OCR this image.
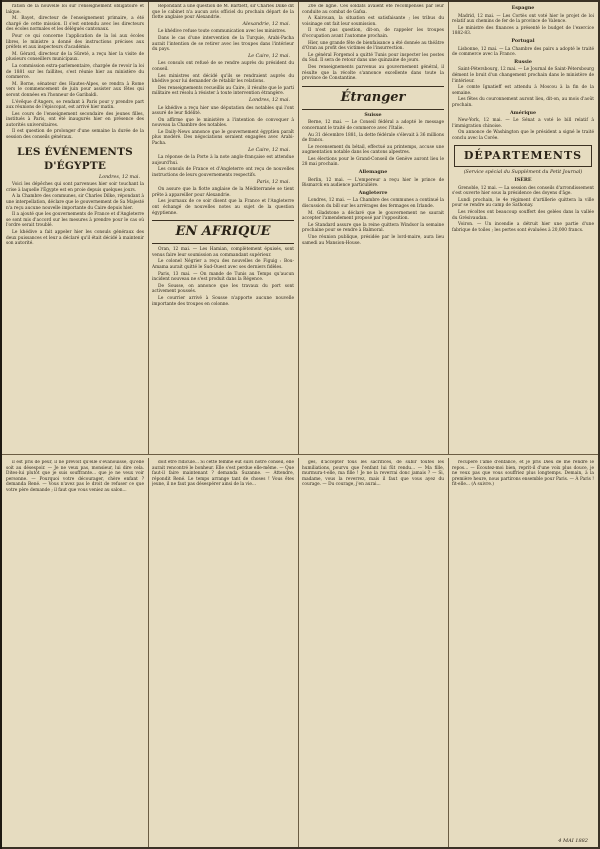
ration de la nouvelle loi sur l'enseignement obligatoire et laïque.

M. Bayet, directeur de l'enseignement primaire, a été chargé de cette mission. Il s'est entendu avec les directeurs des écoles normales et les délégués cantonaux.

Pour ce qui concerne l'application de la loi aux écoles libres, le ministre a donné des instructions précises aux préfets et aux inspecteurs d'académie.

M. Gérard, directeur de la Sûreté, a reçu hier la visite de plusieurs conseillers municipaux.

La commission extra-parlementaire, chargée de revoir la loi de 1881 sur les faillites, s'est réunie hier au ministère du commerce.

M. Borne, sénateur des Hautes-Alpes, se rendra à Rome vers le commencement de juin pour assister aux fêtes qui seront données en l'honneur de Garibaldi.

L'évêque d'Angers, se rendant à Paris pour y prendre part aux réunions de l'épiscopat, est arrivé hier matin.

Les cours de l'enseignement secondaire des jeunes filles, institués à Paris, ont été inaugurés hier en présence des autorités universitaires.

Il est question de prolonger d'une semaine la durée de la session des conseils généraux.

LES ÉVÉNEMENTS D'ÉGYPTE
Londres, 12 mai.

Voici les dépêches qui sont parvenues hier soir touchant la crise à laquelle l'Égypte est en proie depuis quelques jours.

A la Chambre des communes, sir Charles Dilke, répondant à une interpellation, déclare que le gouvernement de Sa Majesté n'a reçu aucune nouvelle importante du Caire depuis hier.

Il a ajouté que les gouvernements de France et d'Angleterre se sont mis d'accord sur les mesures à prendre pour le cas où l'ordre serait troublé.

Le khédive a fait appeler hier les consuls généraux des deux puissances et leur a déclaré qu'il était décidé à maintenir son autorité.

Répondant à une question de M. Bartlett, sir Charles Dilke dit que le cabinet n'a aucun avis officiel du prochain départ de la flotte anglaise pour Alexandrie.

Alexandrie, 12 mai.

Le khédive refuse toute communication avec les ministres.

Dans le cas d'une intervention de la Turquie, Arabi-Pacha aurait l'intention de se retirer avec les troupes dans l'intérieur du pays.

Le Caire, 12 mai.

Les consuls ont refusé de se rendre auprès du président du conseil.

Les ministres ont décidé qu'ils se rendraient auprès du khédive pour lui demander de rétablir les relations.

Des renseignements recueillis au Caire, il résulte que le parti militaire est résolu à résister à toute intervention étrangère.

Londres, 12 mai.

Le khédive a reçu hier une députation des notables qui l'ont assuré de leur fidélité.

On affirme que le ministère a l'intention de convoquer à nouveau la Chambre des notables.

Le Daily-News annonce que le gouvernement égyptien paraît plus modéré. Des négociations seraient engagées avec Arabi-Pacha.

Le Caire, 12 mai.

La réponse de la Porte à la note anglo-française est attendue aujourd'hui.

Les consuls de France et d'Angleterre ont reçu de nouvelles instructions de leurs gouvernements respectifs.

Paris, 12 mai.

On assure que la flotte anglaise de la Méditerranée se tient prête à appareiller pour Alexandrie.

Les journaux de ce soir disent que la France et l'Angleterre ont échangé de nouvelles notes au sujet de la question égyptienne.

EN AFRIQUE

Oran, 12 mai. — Les Hamian, complètement épuisés, sont venus faire leur soumission au commandant supérieur.

Le colonel Négrier a reçu des nouvelles de Figuig : Bou-Amama aurait quitté le Sud-Ouest avec ses derniers fidèles.

Paris, 13 mai. — On mande de Tunis au Temps qu'aucun incident nouveau ne s'est produit dans la Régence.

De Sousse, on annonce que les travaux du port sont activement poussés.

Le courrier arrivé à Sousse n'apporte aucune nouvelle importante des troupes en colonne.

20e de ligne. Ces soldats avaient été récompensés par leur conduite au combat de Gafsa.

A Kairouan, la situation est satisfaisante ; les tribus du voisinage ont fait leur soumission.

Il n'est pas question, dit-on, de rappeler les troupes d'occupation avant l'automne prochain.

Hier, une grande fête de bienfaisance a été donnée au théâtre d'Oran au profit des victimes de l'insurrection.

Le général Forgemol a quitté Tunis pour inspecter les postes du Sud. Il sera de retour dans une quinzaine de jours.

Des renseignements parvenus au gouvernement général, il résulte que la récolte s'annonce excellente dans toute la province de Constantine.

Étranger
Suisse

Berne, 12 mai. — Le Conseil fédéral a adopté le message concernant le traité de commerce avec l'Italie.

Au 31 décembre 1881, la dette fédérale s'élevait à 36 millions de francs.

Le recensement du bétail, effectué au printemps, accuse une augmentation notable dans les cantons alpestres.

Les élections pour le Grand-Conseil de Genève auront lieu le 28 mai prochain.

Allemagne

Berlin, 12 mai. — L'empereur a reçu hier le prince de Bismarck en audience particulière.

Angleterre

Londres, 12 mai. — La Chambre des communes a continué la discussion du bill sur les arrérages des fermages en Irlande.

M. Gladstone a déclaré que le gouvernement ne saurait accepter l'amendement proposé par l'opposition.

Le Standard assure que la reine quittera Windsor la semaine prochaine pour se rendre à Balmoral.

Une réunion publique, présidée par le lord-maire, aura lieu samedi au Mansion-House.

Espagne

Madrid, 12 mai. — Les Cortès ont voté hier le projet de loi relatif aux chemins de fer de la province de Valence.

Le ministre des finances a présenté le budget de l'exercice 1882-83.

Portugal

Lisbonne, 12 mai. — La Chambre des pairs a adopté le traité de commerce avec la France.

Russie

Saint-Pétersbourg, 12 mai. — Le Journal de Saint-Pétersbourg dément le bruit d'un changement prochain dans le ministère de l'intérieur.

Le comte Ignatieff est attendu à Moscou à la fin de la semaine.

Les fêtes du couronnement auront lieu, dit-on, au mois d'août prochain.

Amérique

New-York, 12 mai. — Le Sénat a voté le bill relatif à l'immigration chinoise.

On annonce de Washington que le président a signé le traité conclu avec la Corée.

DÉPARTEMENTS
(Service spécial du Supplément du Petit Journal)
ISÈRE

Grenoble, 12 mai. — La session des conseils d'arrondissement s'est ouverte hier sous la présidence des doyens d'âge.

Lundi prochain, le 4e régiment d'artillerie quittera la ville pour se rendre au camp de Sathonay.

Les récoltes ont beaucoup souffert des gelées dans la vallée du Grésivaudan.

Voiron. — Un incendie a détruit hier une partie d'une fabrique de toiles ; les pertes sont évaluées à 20,000 francs.

il est pris de peur, il ne prévoit qu'elle s'évanouisse, qu'elle soit au désespoir. — Je ne veux pas, monsieur, lui dire cela. Dites-lui plutôt que je suis souffrante... que je ne veux voir personne. — Pourquoi votre décourager, chère enfant ? demanda René. — Vous n'avez pas le droit de refuser ce que votre père demande ; il faut que vous veniez au salon...

doit être ridicule... Si cette femme eût suivi notre conseil, elle aurait rencontré le bonheur. Elle s'est perdue elle-même. — Que faut-il faire maintenant ? demanda Suzanne. — Attendre, répondit René. Le temps arrange tant de choses ! Vous êtes jeune, il ne faut pas désespérer ainsi de la vie...

gés, d'accepter tous les sacrifices, de subir toutes les humiliations, pourvu que l'enfant lui fût rendu... — Ma fille, murmura-t-elle, ma fille ! Je ne la reverrai donc jamais ? — Si, madame, vous la reverrez, mais il faut que vous ayez du courage. — Du courage, j'en aurai...

récupéré l'âme d'enfance, et je pris Dieu de me rendre le repos... — Écoutez-moi bien, reprit-il d'une voix plus douce, je ne veux pas que vous souffriez plus longtemps. Demain, à la première heure, nous partirons ensemble pour Paris. — À Paris ! fit-elle... (A suivre.)

4 MAI 1882
